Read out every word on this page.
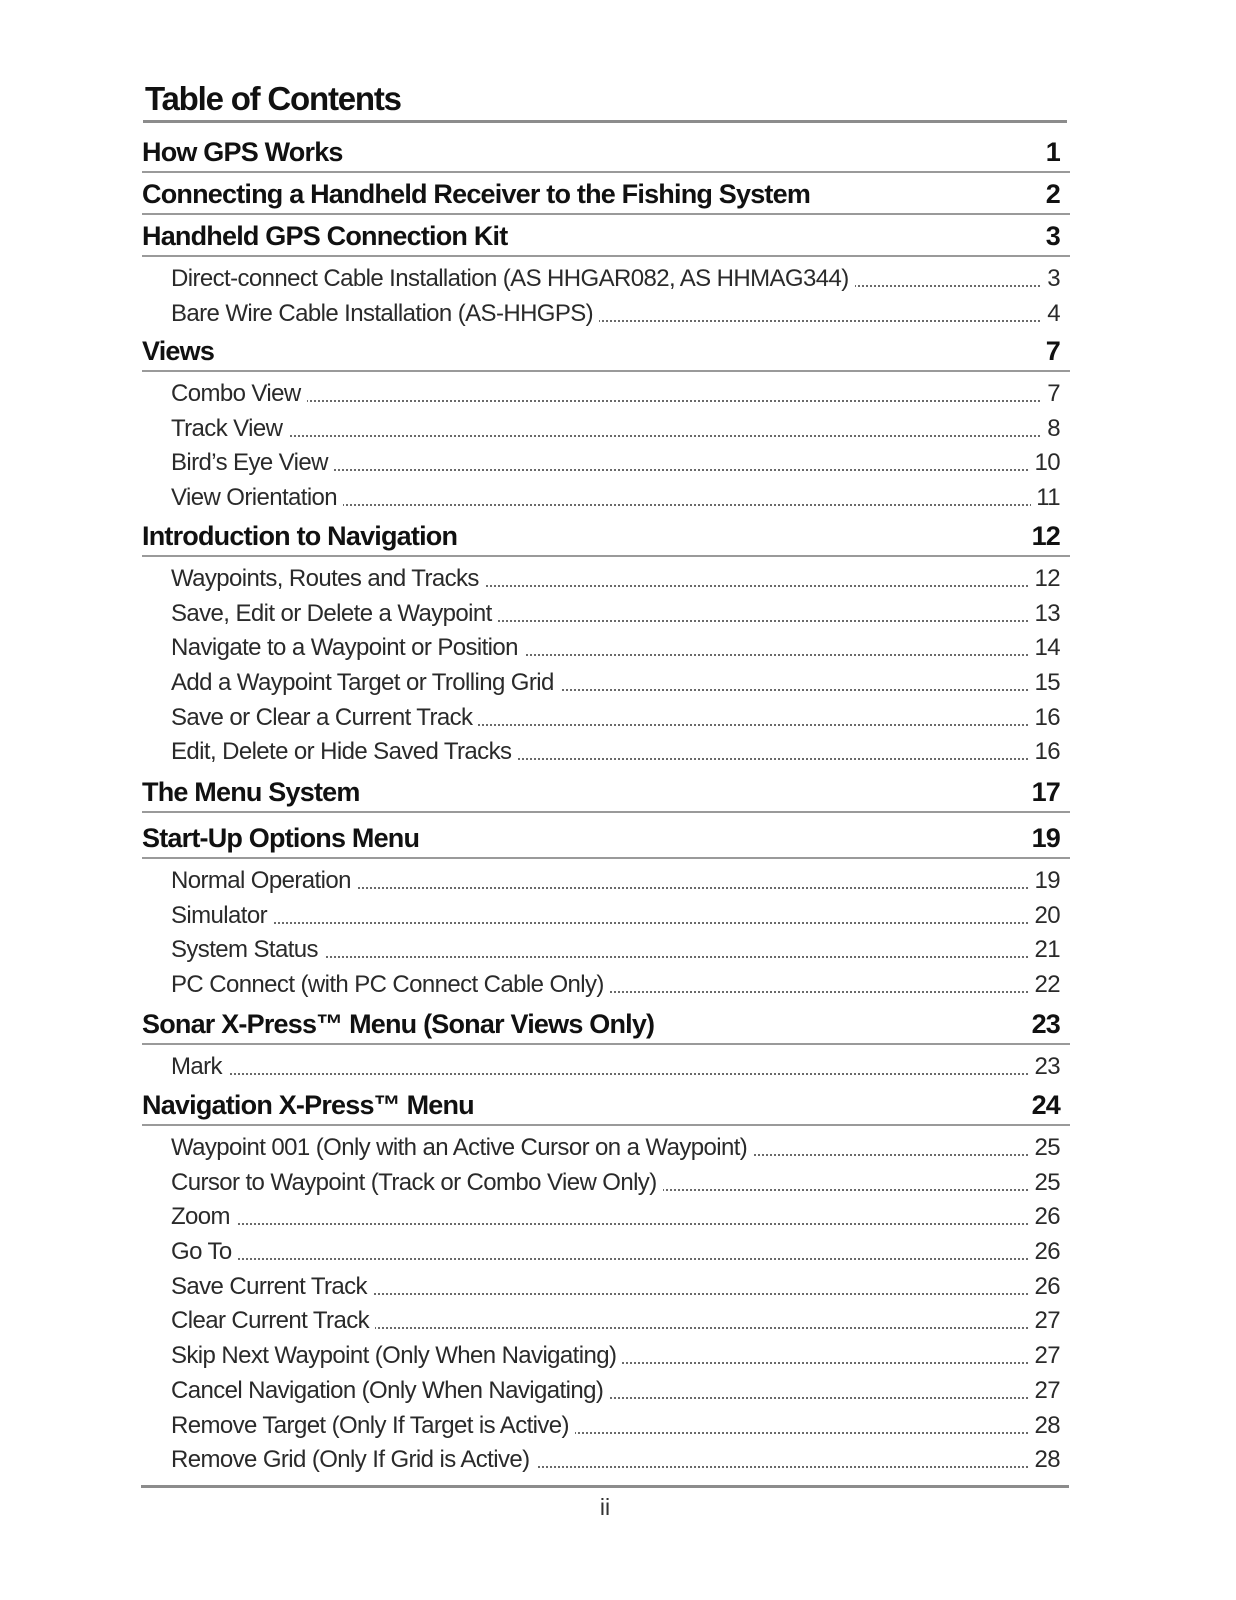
Table of Contents
How GPS Works	1
Connecting a Handheld Receiver to the Fishing System	2
Handheld GPS Connection Kit	3
Direct-connect Cable Installation (AS HHGAR082, AS HHMAG344)	3
Bare Wire Cable Installation (AS-HHGPS)	4
Views	7
Combo View	7
Track View	8
Bird’s Eye View	10
View Orientation	11
Introduction to Navigation	12
Waypoints, Routes and Tracks	12
Save, Edit or Delete a Waypoint	13
Navigate to a Waypoint or Position	14
Add a Waypoint Target or Trolling Grid	15
Save or Clear a Current Track	16
Edit, Delete or Hide Saved Tracks	16
The Menu System	17
Start-Up Options Menu	19
Normal Operation	19
Simulator	20
System Status	21
PC Connect (with PC Connect Cable Only)	22
Sonar X-Press™ Menu (Sonar Views Only)	23
Mark	23
Navigation X-Press™ Menu	24
Waypoint 001 (Only with an Active Cursor on a Waypoint)	25
Cursor to Waypoint (Track or Combo View Only)	25
Zoom	26
Go To	26
Save Current Track	26
Clear Current Track	27
Skip Next Waypoint (Only When Navigating)	27
Cancel Navigation (Only When Navigating)	27
Remove Target (Only If Target is Active)	28
Remove Grid (Only If Grid is Active)	28
ii
